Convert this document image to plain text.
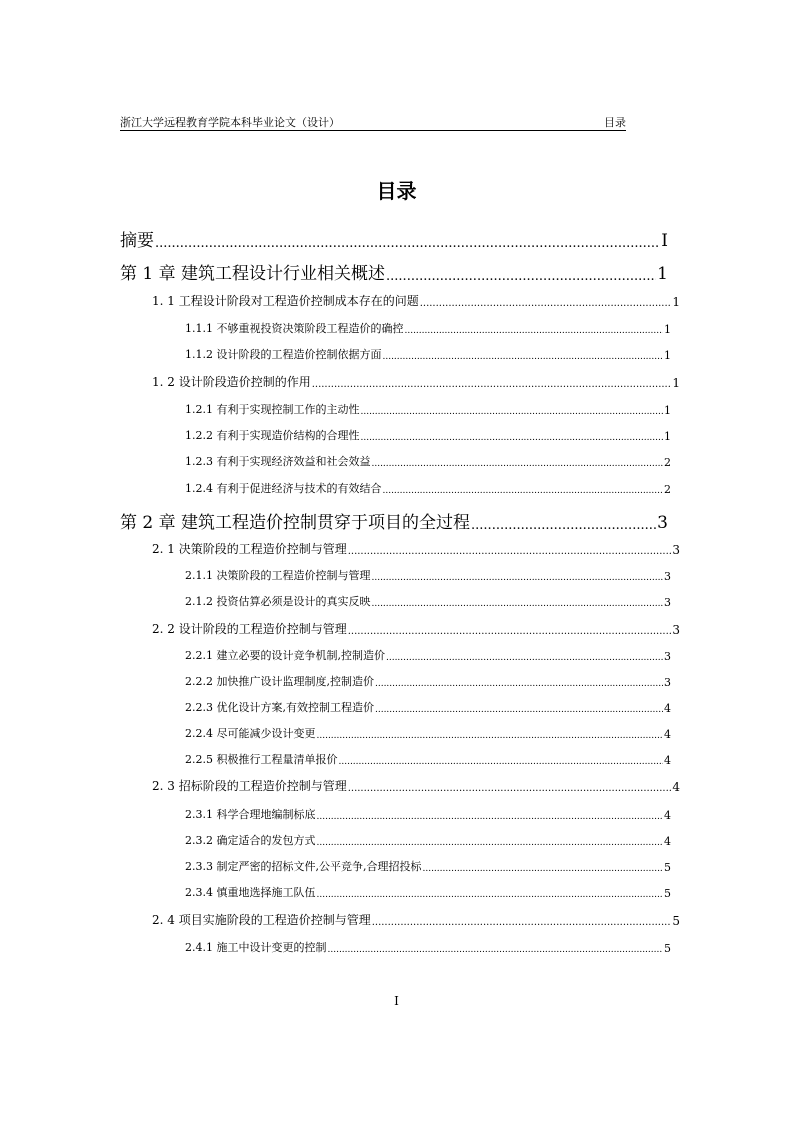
浙江大学远程教育学院本科毕业论文（设计）	目录
目录
摘要 .....	I
第 1 章 建筑工程设计行业相关概述 .....	1
1. 1 工程设计阶段对工程造价控制成本存在的问题 .....	1
1.1.1 不够重视投资决策阶段工程造价的确控 .....	1
1.1.2 设计阶段的工程造价控制依据方面 .....	1
1. 2 设计阶段造价控制的作用 .....	1
1.2.1 有利于实现控制工作的主动性 .....	1
1.2.2 有利于实现造价结构的合理性 .....	1
1.2.3 有利于实现经济效益和社会效益 .....	2
1.2.4 有利于促进经济与技术的有效结合 .....	2
第 2 章 建筑工程造价控制贯穿于项目的全过程 .....	3
2. 1 决策阶段的工程造价控制与管理 .....	3
2.1.1 决策阶段的工程造价控制与管理 .....	3
2.1.2 投资估算必须是设计的真实反映 .....	3
2. 2 设计阶段的工程造价控制与管理 .....	3
2.2.1 建立必要的设计竞争机制,控制造价 .....	3
2.2.2 加快推广设计监理制度,控制造价 .....	3
2.2.3 优化设计方案,有效控制工程造价 .....	4
2.2.4 尽可能减少设计变更 .....	4
2.2.5 积极推行工程量清单报价 .....	4
2. 3 招标阶段的工程造价控制与管理 .....	4
2.3.1 科学合理地编制标底 .....	4
2.3.2 确定适合的发包方式 .....	4
2.3.3 制定严密的招标文件,公平竞争,合理招投标 .....	5
2.3.4 慎重地选择施工队伍 .....	5
2. 4 项目实施阶段的工程造价控制与管理 .....	5
2.4.1 施工中设计变更的控制 .....	5
I
